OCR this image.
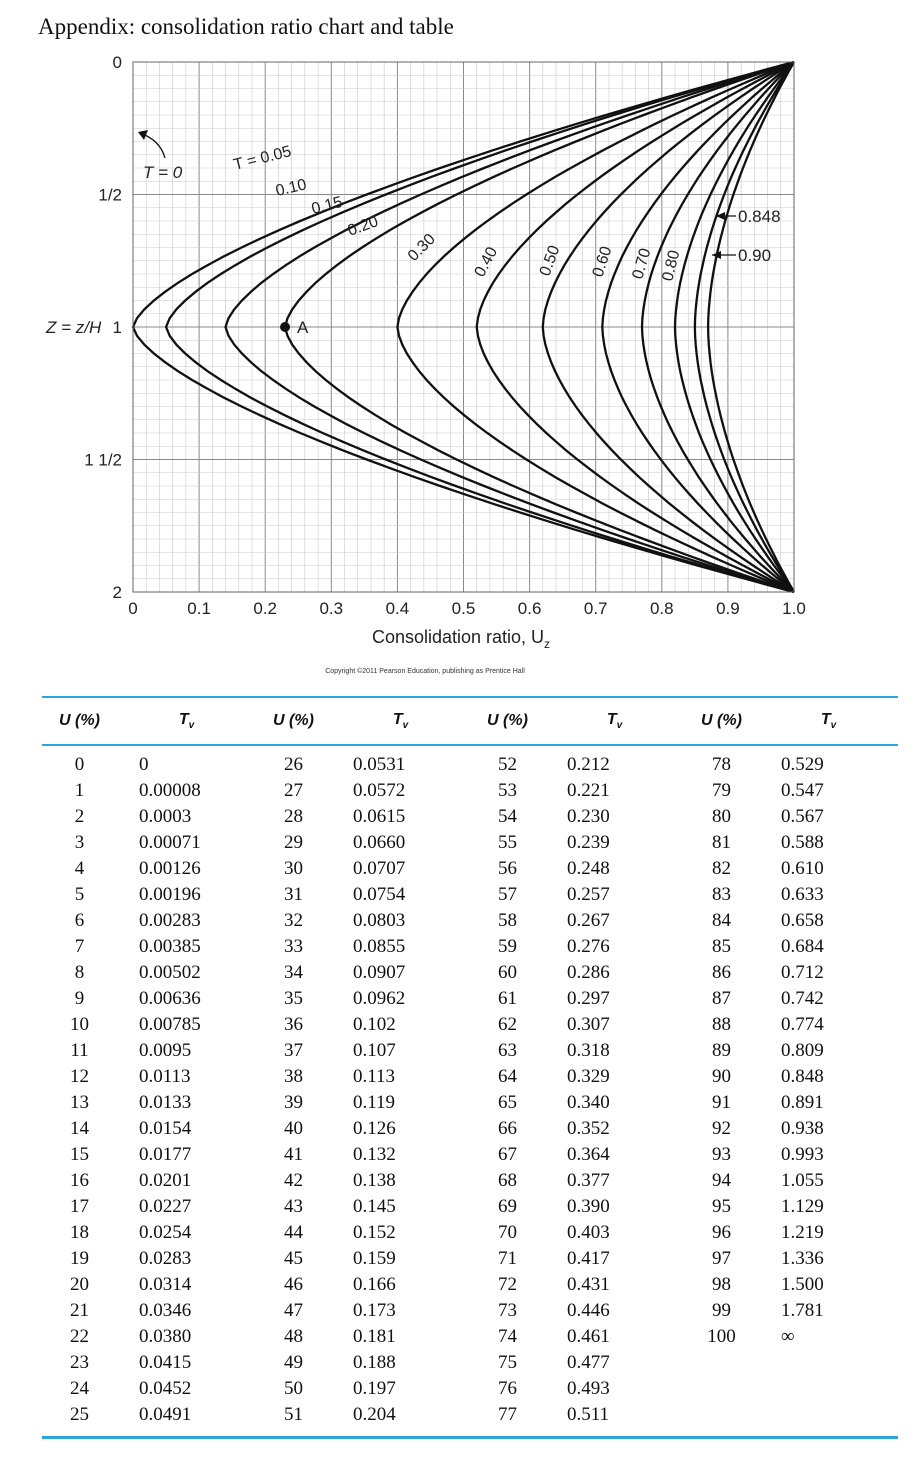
Appendix: consolidation ratio chart and table
0	0.1 0.2 0.3 0.4 0.5 0.6 0.7 0.8 0.9 1.0
0
1/2
1
1 1/2
2
Consolidation ratio, $U_z$
Z = z/H
T = 0.05
0.10
0.15
0.20
0.30 0.40 0.50 0.60 0.70 0.80
0.848
0.90
T = 0
A
Copyright ©2011 Pearson Education, publishing as Prentice Hall
U (%)	$T_v$	U (%)	$T_v$	U (%)	$T_v$	U (%)	$T_v$
0	0	26	0.0531	52	0.212	78	0.529
1	0.00008	27	0.0572	53	0.221	79	0.547
2	0.0003	28	0.0615	54	0.230	80	0.567
3	0.00071	29	0.0660	55	0.239	81	0.588
4	0.00126	30	0.0707	56	0.248	82	0.610
5	0.00196	31	0.0754	57	0.257	83	0.633
6	0.00283	32	0.0803	58	0.267	84	0.658
7	0.00385	33	0.0855	59	0.276	85	0.684
8	0.00502	34	0.0907	60	0.286	86	0.712
9	0.00636	35	0.0962	61	0.297	87	0.742
10	0.00785	36	0.102	62	0.307	88	0.774
11	0.0095	37	0.107	63	0.318	89	0.809
12	0.0113	38	0.113	64	0.329	90	0.848
13	0.0133	39	0.119	65	0.340	91	0.891
14	0.0154	40	0.126	66	0.352	92	0.938
15	0.0177	41	0.132	67	0.364	93	0.993
16	0.0201	42	0.138	68	0.377	94	1.055
17	0.0227	43	0.145	69	0.390	95	1.129
18	0.0254	44	0.152	70	0.403	96	1.219
19	0.0283	45	0.159	71	0.417	97	1.336
20	0.0314	46	0.166	72	0.431	98	1.500
21	0.0346	47	0.173	73	0.446	99	1.781
22	0.0380	48	0.181	74	0.461	100	∞
23	0.0415	49	0.188	75	0.477		
24	0.0452	50	0.197	76	0.493		
25	0.0491	51	0.204	77	0.511		
